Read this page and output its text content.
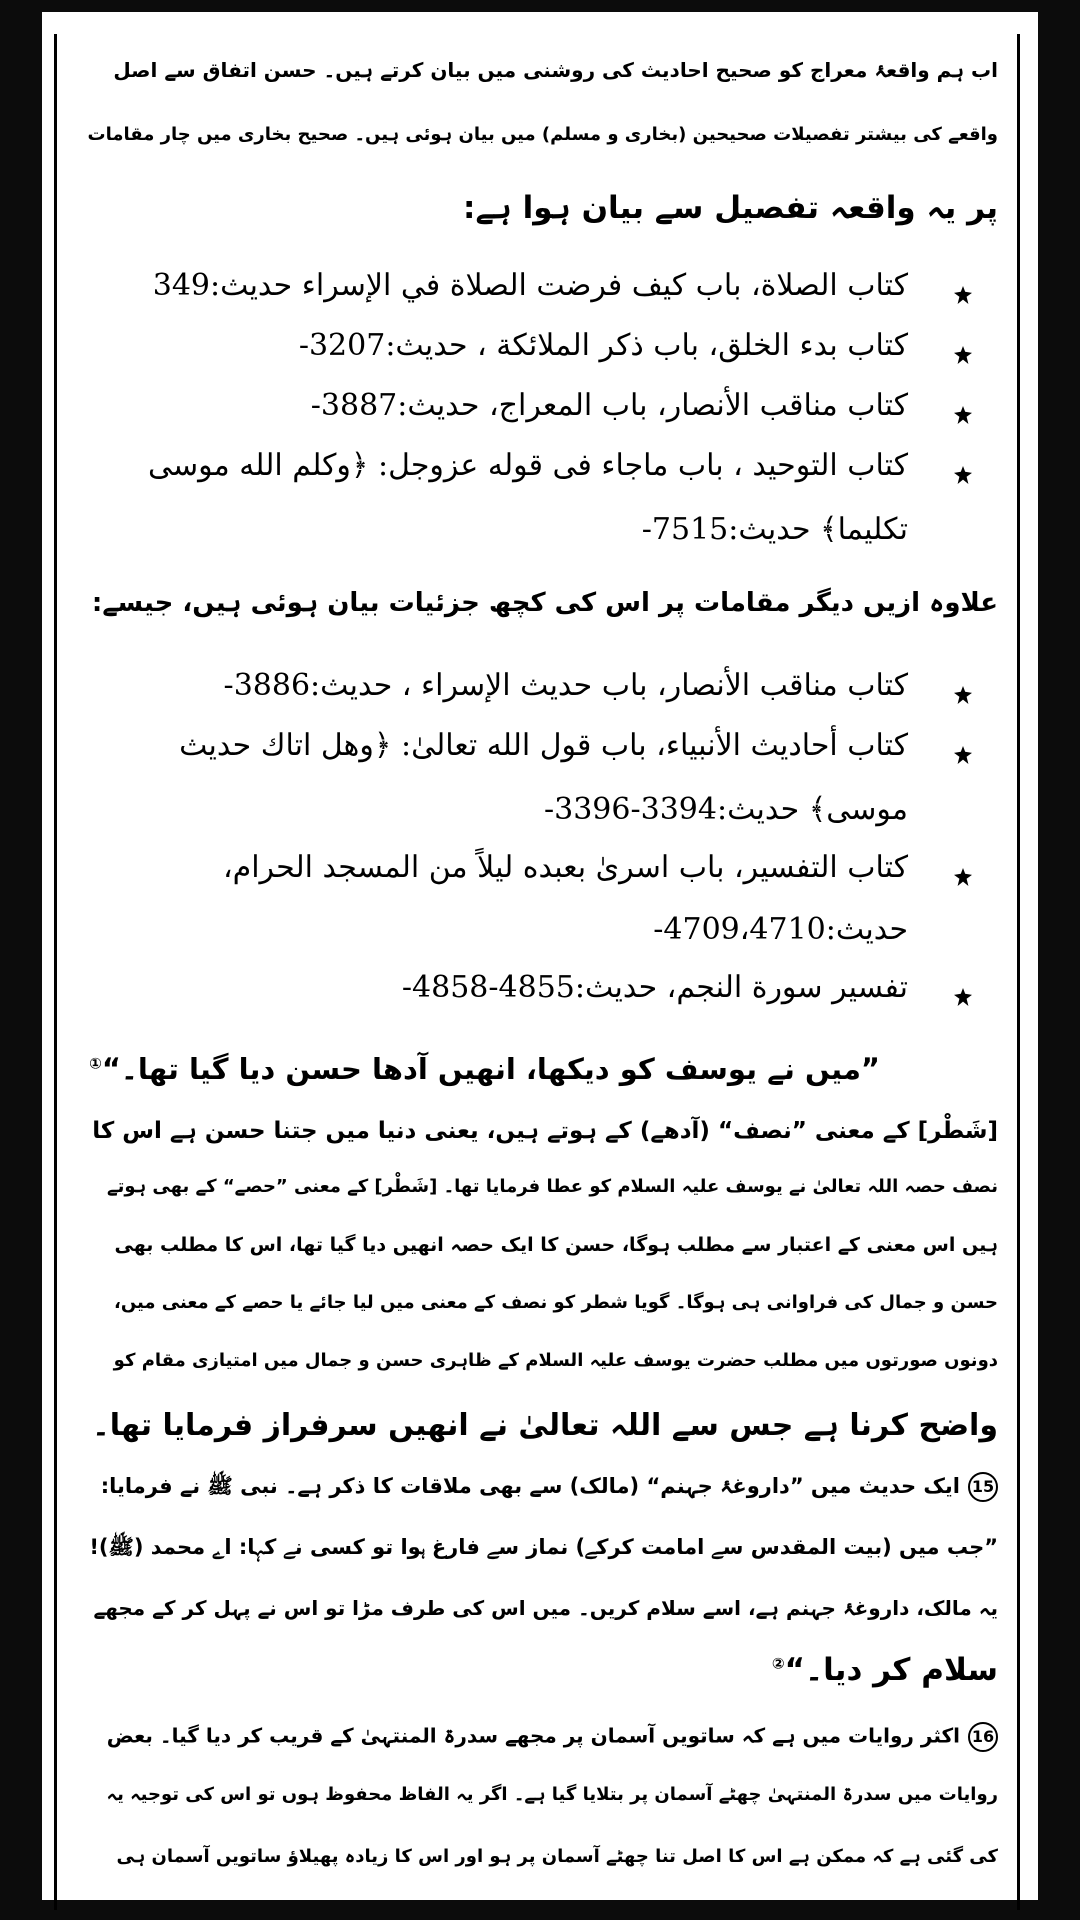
اب ہم واقعۂ معراج کو صحیح احادیث کی روشنی میں بیان کرتے ہیں۔ حسن اتفاق سے اصل
واقعے کی بیشتر تفصیلات صحیحین (بخاری و مسلم) میں بیان ہوئی ہیں۔ صحیح بخاری میں چار مقامات
پر یہ واقعہ تفصیل سے بیان ہوا ہے:
كتاب الصلاة، باب كيف فرضت الصلاة في الإسراء حديث:349
كتاب بدء الخلق، باب ذكر الملائكة ، حديث:3207-
كتاب مناقب الأنصار، باب المعراج، حديث:3887-
كتاب التوحيد ، باب ماجاء فی قوله عزوجل: ﴿وكلم الله موسى
تكليما﴾ حديث:7515-
علاوہ ازیں دیگر مقامات پر اس کی کچھ جزئیات بیان ہوئی ہیں، جیسے:
كتاب مناقب الأنصار، باب حديث الإسراء ، حديث:3886-
كتاب أحاديث الأنبياء، باب قول الله تعالىٰ: ﴿وهل اتاك حديث
موسى﴾ حديث:3394-3396-
كتاب التفسير، باب اسرىٰ بعبده ليلاً من المسجد الحرام،
حديث:4709،4710-
تفسير سورة النجم، حديث:4855-4858-
”میں نے یوسف کو دیکھا، انھیں آدھا حسن دیا گیا تھا۔“①
[شَطْر] کے معنی ”نصف“ (آدھے) کے ہوتے ہیں، یعنی دنیا میں جتنا حسن ہے اس کا
نصف حصہ اللہ تعالیٰ نے یوسف علیہ السلام کو عطا فرمایا تھا۔ [شَطْر] کے معنی ”حصے“ کے بھی ہوتے
ہیں اس معنی کے اعتبار سے مطلب ہوگا، حسن کا ایک حصہ انھیں دیا گیا تھا، اس کا مطلب بھی
حسن و جمال کی فراوانی ہی ہوگا۔ گویا شطر کو نصف کے معنی میں لیا جائے یا حصے کے معنی میں،
دونوں صورتوں میں مطلب حضرت یوسف علیہ السلام کے ظاہری حسن و جمال میں امتیازی مقام کو
واضح کرنا ہے جس سے اللہ تعالیٰ نے انھیں سرفراز فرمایا تھا۔
15ایک حدیث میں ”داروغۂ جہنم“ (مالک) سے بھی ملاقات کا ذکر ہے۔ نبی ﷺ نے فرمایا:
”جب میں (بیت المقدس سے امامت کرکے) نماز سے فارغ ہوا تو کسی نے کہا: اے محمد (ﷺ)!
یہ مالک، داروغۂ جہنم ہے، اسے سلام کریں۔ میں اس کی طرف مڑا تو اس نے پہل کر کے مجھے
سلام کر دیا۔“②
16اکثر روایات میں ہے کہ ساتویں آسمان پر مجھے سدرۃ المنتہیٰ کے قریب کر دیا گیا۔ بعض
روایات میں سدرۃ المنتہیٰ چھٹے آسمان پر بتلایا گیا ہے۔ اگر یہ الفاظ محفوظ ہوں تو اس کی توجیہ یہ
کی گئی ہے کہ ممکن ہے اس کا اصل تنا چھٹے آسمان پر ہو اور اس کا زیادہ پھیلاؤ ساتویں آسمان ہی
